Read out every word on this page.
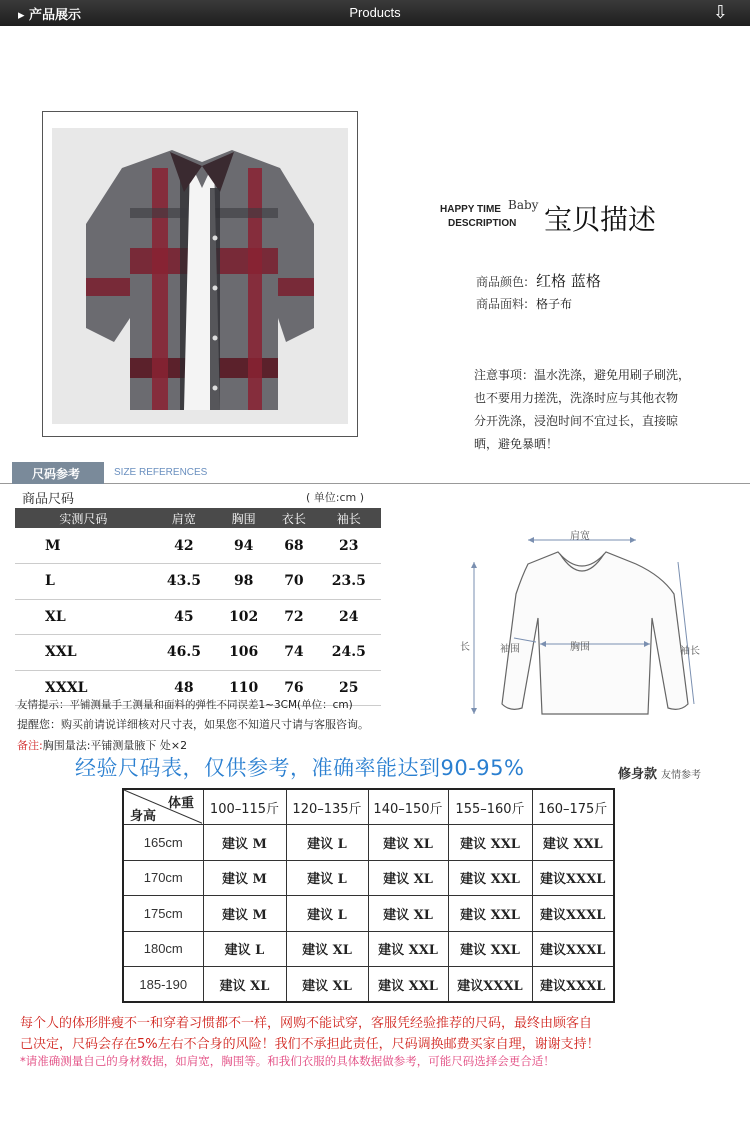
▸ 产品展示	Products	⇩
HAPPY TIME Baby
DESCRIPTION 宝贝描述
商品颜色: 红格 蓝格
商品面料: 格子布
注意事项：温水洗涤，避免用刷子刷洗，
也不要用力搓洗，洗涤时应与其他衣物
分开洗涤，浸泡时间不宜过长，直接晾
晒，避免暴晒！
尺码参考	SIZE REFERENCES
商品尺码	( 单位:cm )
实测尺码	肩宽	胸围	衣长	袖长
M	42	94	68	23
L	43.5	98	70	23.5
XL	45	102	72	24
XXL	46.5	106	74	24.5
XXXL	48	110	76	25
友情提示：平铺测量手工测量和面料的弹性不同误差1~3CM(单位：cm)
提醒您：购买前请说详细核对尺寸表，如果您不知道尺寸请与客服咨询。
备注:胸围量法:平铺测量腋下 处×2
肩宽
长	袖围	胸围	袖长
经验尺码表，仅供参考，准确率能达到90-95%	修身款 友情参考
体重
身高	100–115斤	120–135斤	140–150斤	155–160斤	160–175斤
165cm	建议 M	建议 L	建议 XL	建议 XXL	建议 XXL
170cm	建议 M	建议 L	建议 XL	建议 XXL	建议XXXL
175cm	建议 M	建议 L	建议 XL	建议 XXL	建议XXXL
180cm	建议 L	建议 XL	建议 XXL	建议 XXL	建议XXXL
185-190	建议 XL	建议 XL	建议 XXL	建议XXXL	建议XXXL
每个人的体形胖瘦不一和穿着习惯都不一样，网购不能试穿，客服凭经验推荐的尺码，最终由顾客自
己决定，尺码会存在5%左右不合身的风险！我们不承担此责任，尺码调换邮费买家自理，谢谢支持！
*请准确测量自己的身材数据，如肩宽，胸围等。和我们衣服的具体数据做参考，可能尺码选择会更合适！
